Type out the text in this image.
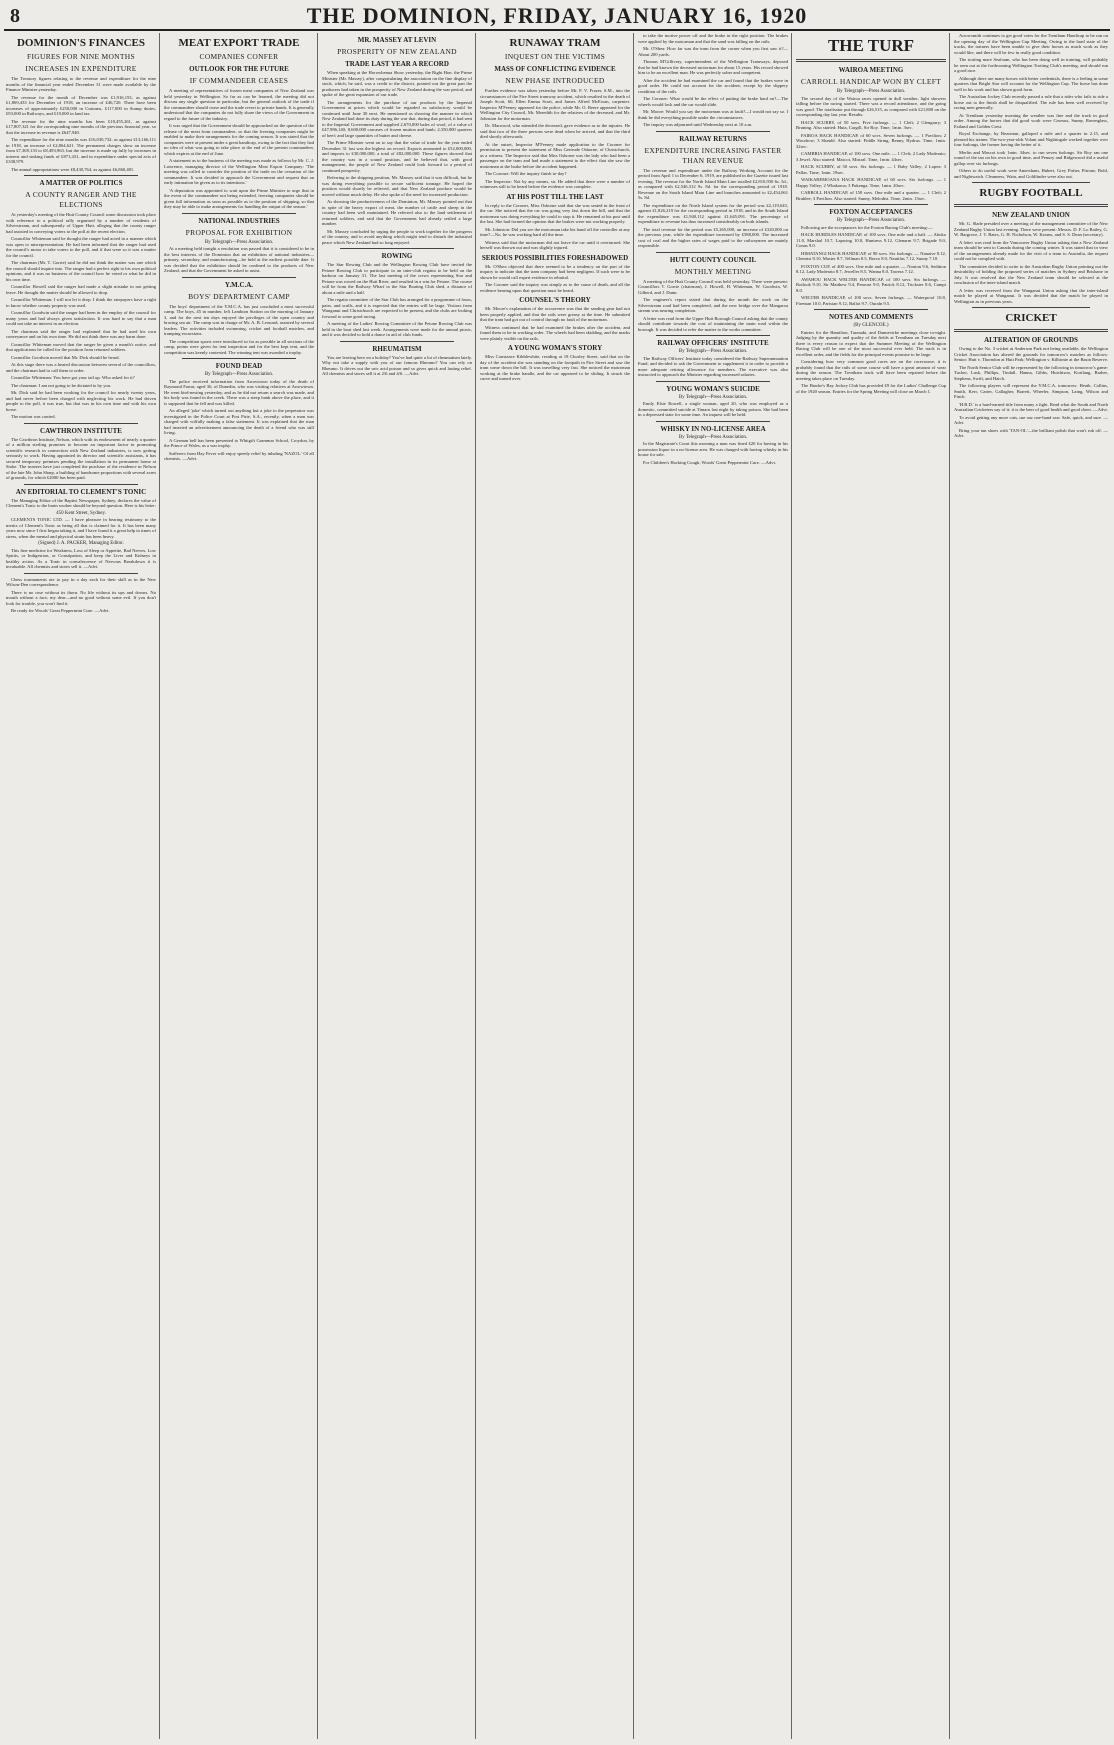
8	THE DOMINION, FRIDAY, JANUARY 16, 1920
DOMINION'S FINANCES
FIGURES FOR NINE MONTHS
INCREASES IN EXPENDITURE

The Treasury figures relating to the revenue and expenditure for the nine months of the financial year ended December 31 were made available by the Finance Minister yesterday.

The revenue for the month of December was £1,916,153, as against £1,869,433 for December of 1918, an increase of £46,720. There have been increases of approximately £250,000 in Customs, £117,000 in Stamp duties, £93,000 in Railways, and £10,000 in land tax.

The revenue for the nine months has been £18,455,261, as against £17,807,321 for the corresponding nine months of the previous financial year, so that the increase in revenue is £647,940.

The expenditure for the nine months was £16,030,732, as against £13,166,111 in 1918, an increase of £2,864,621. The permanent charges show an increase from £7,369,133 to £8,493,963, but the increase is made up fully by increases in interest and sinking funds of £871,431, and in expenditure under special acts of £338,979.

The annual appropriations were £8,430,764, as against £6,860,481.

A MATTER OF POLITICS
A COUNTY RANGER AND THE ELECTIONS

At yesterday's meeting of the Hutt County Council some discussion took place with reference to a political rally organised by a number of residents of Silverstream, and subsequently of Upper Hutt, alleging that the county ranger had assisted in conveying voters to the poll at the recent election.

Councillor Whiteman said he thought the ranger had acted in a manner which was open to misrepresentation. He had been informed that the ranger had used the council's motor to take voters to the poll, and if that were so it was a matter for the council.

The chairman (Mr. T. Gorrie) said he did not think the matter was one which the council should inquire into. The ranger had a perfect right to his own political opinions, and it was no business of the council how he voted or what he did in his own time.

Councillor Howell said the ranger had made a slight mistake in not getting leave. He thought the matter should be allowed to drop.

Councillor Whiteman: I will not let it drop. I think the ratepayers have a right to know whether county property was used.

Councillor Goodwin said the ranger had been in the employ of the council for many years and had always given satisfaction. It was hard to say that a man could not take an interest in an election.

The chairman said the ranger had explained that he had used his own conveyance and on his own time. He did not think there was any harm done.

Councillor Whiteman moved that the ranger be given a month's notice, and that applications be called for the position from returned soldiers.

Councillor Goodwin moved that Mr. Dick should be heard.

At this stage there was a heated discussion between several of the councillors, and the chairman had to call them to order.

Councillor Whiteman: You have got your tail up. Who asked for it?

The chairman: I am not going to be dictated to by you.

Mr. Dick said he had been working for the council for nearly twenty years, and had never before been charged with neglecting his work. He had driven people to the poll, it was true, but that was in his own time and with his own horse.

The motion was carried.

CAWTHRON INSTITUTE

The Cawthron Institute, Nelson, which with its endowment of nearly a quarter of a million sterling promises to become an important factor in promoting scientific research in connection with New Zealand industries, is now getting seriously to work. Having appointed its director and scientific assistants, it has secured temporary premises pending the installation in its permanent home at Stoke. The trustees have just completed the purchase of the residence in Nelson of the late Mr. John Sharp, a building of handsome proportions with several acres of grounds, for which £2000 has been paid.

AN EDITORIAL TO CLEMENT'S TONIC

The Managing Editor of the Baptist Newspaper, Sydney, declares the value of Clement's Tonic to the brain worker should be beyond question. Here is his letter:

450 Kent Street, Sydney.

CLEMENTS TONIC LTD. — I have pleasure in bearing testimony to the merits of Clement's Tonic as being all that is claimed for it. It has been many years now since I first began taking it, and I have found it a great help in times of stress, when the mental and physical strain has been heavy.

(Signed) J. A. PACKER, Managing Editor.

This fine medicine for Weakness, Loss of Sleep or Appetite, Bad Nerves, Low Spirits, or Indigestion, or Constipation, and keep the Liver and Kidneys in healthy action. As a Tonic in convalescence of Nervous Breakdown it is invaluable. All chemists and stores sell it. —Advt.

Chess tournaments are to pay in a day each for their skill as in the New Wilson-Den correspondence.

There is no rose without its thorn. No life without its ups and downs. No mouth without a face, my dear—and no good without some evil. If you don't look for trouble, you won't find it.

Be ready for Woods' Great Peppermint Cure. —Advt.

MEAT EXPORT TRADE
COMPANIES CONFER
OUTLOOK FOR THE FUTURE
IF COMMANDEER CEASES

A meeting of representatives of frozen meat companies of New Zealand was held yesterday in Wellington. So far as can be learned, the meeting did not discuss any single question in particular, but the general outlook of the trade if the commandeer should cease and the trade revert to private hands. It is generally understood that the companies do not fully share the views of the Government in regard to the future of the industry.

It was urged that the Government should be approached on the question of the release of the meat from commandeer, so that the freezing companies might be enabled to make their arrangements for the coming season. It was stated that the companies were at present under a great handicap, owing to the fact that they had no idea of what was going to take place at the end of the present commandeer, which expires at the end of June.

A statement as to the business of the meeting was made as follows by Mr. C. J. Lawrence, managing director of the Wellington Meat Export Company: 'The meeting was called to consider the position of the trade on the cessation of the commandeer. It was decided to approach the Government and request that an early intimation be given as to its intentions.'

'A deputation was appointed to wait upon the Prime Minister to urge that in the event of the commandeer not being extended, freezing companies should be given full information as soon as possible as to the position of shipping, so that they may be able to make arrangements for handling the output of the season.'

NATIONAL INDUSTRIES
PROPOSAL FOR EXHIBITION
By Telegraph—Press Association.

At a meeting held tonight a resolution was passed that it is considered to be in the best interests of the Dominion that an exhibition of national industries—primary, secondary, and manufacturing—be held at the earliest possible date. It was decided that the exhibition should be confined to the products of New Zealand, and that the Government be asked to assist.

Y.M.C.A.
BOYS' DEPARTMENT CAMP

The boys' department of the Y.M.C.A. has just concluded a most successful camp. The boys, 45 in number, left Lambton Station on the morning of January 3, and for the next ten days enjoyed the privileges of the open country and bracing sea air. The camp was in charge of Mr. A. B. Leonard, assisted by several leaders. The activities included swimming, cricket and football matches, and tramping excursions.

The competition sports were introduced so far as possible in all sections of the camp, points were given for tent inspection and for the best kept tent, and the competition was keenly contested. The winning tent was awarded a trophy.

FOUND DEAD
By Telegraph—Press Association.

The police received information from Arrowtown today of the death of Raymond Farrar, aged 36, of Dunedin, who was visiting relatives at Arrowtown. He went bird-nesting yesterday, and as he did not return a search was made, and his body was found in the creek. There was a steep bank above the place, and it is supposed that he fell and was killed.

An alleged 'joke' which turned out anything but a joke to the perpetrator was investigated in the Police Court at Port Pirie, S.A., recently, when a man was charged with wilfully making a false statement. It was explained that the man had inserted an advertisement announcing the death of a friend who was still living.

A German bell has been presented to Whitgift Grammar School, Croydon, by the Prince of Wales, as a war trophy.

Sufferers from Hay Fever will enjoy speedy relief by inhaling 'NAZOL.' Of all chemists. —Advt.

MR. MASSEY AT LEVIN
PROSPERITY OF NEW ZEALAND
TRADE LAST YEAR A RECORD

When speaking at the Horowhenua Show yesterday, the Right Hon. the Prime Minister (Mr. Massey), after congratulating the association on the fine display of stock, which, he said, was a credit to the district, pointed out the great part the producers had taken in the prosperity of New Zealand during the war period, and spoke of the great expansion of our trade.

The arrangements for the purchase of our products by the Imperial Government at prices which would be regarded as satisfactory would be continued until June 30 next. He mentioned as showing the manner in which New Zealand had done its duty during the war that, during that period, it had sent to the Imperial Government and supplied 2,670,000 bales of wool, of a value of £47,986,140; 8,600,000 carcases of frozen mutton and lamb; 2,350,000 quarters of beef; and large quantities of butter and cheese.

The Prime Minister went on to say that the value of trade for the year ended December 31 last was the highest on record. Exports amounted to £52,000,000, and imports to £30,000,000, a total of £82,000,000. These figures showed that the country was in a sound position, and he believed that, with good management, the people of New Zealand could look forward to a period of continued prosperity.

Referring to the shipping position, Mr. Massey said that it was difficult, but he was doing everything possible to secure sufficient tonnage. He hoped the position would shortly be relieved, and that New Zealand produce would be moved without much delay. He also spoke of the need for increased production.

As showing the productiveness of the Dominion, Mr. Massey pointed out that in spite of the heavy export of meat, the number of cattle and sheep in the country had been well maintained. He referred also to the land settlement of returned soldiers, and said that the Government had already settled a large number.

Mr. Massey concluded by urging the people to work together for the progress of the country, and to avoid anything which might tend to disturb the industrial peace which New Zealand had so long enjoyed.

ROWING

The Star Rowing Club and the Wellington Rowing Club have invited the Petone Rowing Club to participate in an inter-club regatta to be held on the harbour on January 31. The last meeting of the crews representing Star and Petone was rowed on the Hutt River, and resulted in a win for Petone. The course will be from the Railway Wharf to the Star Boating Club shed, a distance of about a mile and a half.

The regatta committee of the Star Club has arranged for a programme of fours, pairs, and sculls, and it is expected that the entries will be large. Visitors from Wanganui and Christchurch are expected to be present, and the clubs are looking forward to some good racing.

A meeting of the Ladies' Rowing Committee of the Petone Rowing Club was held in the boat shed last week. Arrangements were made for the annual picnic, and it was decided to hold a dance in aid of club funds.

RHEUMATISM

You are leaving here on a holiday? You've had quite a lot of rheumatism lately. Why not take a supply with you of our famous Rheumo? You can rely on Rheumo. It drives out the uric acid poison and so gives quick and lasting relief. All chemists and stores sell it at 2/6 and 4/6. —Advt.

RUNAWAY TRAM
INQUEST ON THE VICTIMS
MASS OF CONFLICTING EVIDENCE
NEW PHASE INTRODUCED

Further evidence was taken yesterday before Mr. F. V. Frazer, S.M., into the circumstances of the Fire Street tramway accident, which resulted in the death of Joseph Scott, 60, Ellen Emma Scott, and James Alfred McEwan, carpenter. Inspector M'Feeney appeared for the police, while Mr. O. Beere appeared for the Wellington City Council, Mr. Meredith for the relatives of the deceased, and Mr. Johnston for the motorman.

Dr. Marwood, who attended the deceased, gave evidence as to the injuries. He said that two of the three persons were dead when he arrived, and that the third died shortly afterwards.

At the outset, Inspector M'Feeney made application to the Coroner for permission to present the statement of Miss Gertrude Osborne, of Christchurch, as a witness. The Inspector said that Miss Osborne was the lady who had been a passenger on the tram and had made a statement to the effect that she saw the motorman at the brake before the accident happened.

The Coroner: Will the inquiry finish to-day?

The Inspector: Not by any means, sir. He added that there were a number of witnesses still to be heard before the evidence was complete.

AT HIS POST TILL THE LAST

In reply to the Coroner, Miss Osborne said that she was seated in the front of the car. She noticed that the car was going very fast down the hill, and that the motorman was doing everything he could to stop it. He remained at his post until the last. She had formed the opinion that the brakes were not working properly.

Mr. Johnston: Did you see the motorman take his hand off the controller at any time?—No, he was working hard all the time.

Witness said that the motorman did not leave the car until it overturned. She herself was thrown out and was slightly injured.

SERIOUS POSSIBILITIES FORESHADOWED

Mr. O'Shea objected that there seemed to be a tendency on the part of the inquiry to indicate that the tram company had been negligent. If such were to be shown he would call expert evidence in rebuttal.

The Coroner said the inquiry was simply as to the cause of death, and all the evidence bearing upon that question must be heard.

COUNSEL'S THEORY

Mr. Moore's explanation of the occurrence was that the sanding gear had not been properly applied, and that the rails were greasy at the time. He submitted that the tram had got out of control through no fault of the motorman.

Witness continued that he had examined the brakes after the accident, and found them to be in working order. The wheels had been skidding, and the marks were plainly visible on the rails.

A YOUNG WOMAN'S STORY

Miss Constance Kibblewhite, residing at 18 Chorley Street, said that on the day of the accident she was standing on the footpath in Fire Street and saw the tram come down the hill. It was travelling very fast. She noticed the motorman working at the brake handle, and the car appeared to be sliding. It struck the curve and turned over.

to take the motive power off and the brake in the right position. The brakes were applied by the motorman and that the sand was falling on the rails.

Mr. O'Shea: How far was the tram from the corner when you first saw it?—About 200 yards.

Thomas M'Gillivray, superintendent of the Wellington Tramways, deposed that he had known the deceased motorman for about 15 years. His record showed him to be an excellent man. He was perfectly sober and competent.

After the accident he had examined the car and found that the brakes were in good order. He could not account for the accident, except by the slippery condition of the rails.

The Coroner: What would be the effect of putting the brake hard on?—The wheels would lock and the car would slide.

Mr. Moore: Would you say the motorman was at fault?—I would not say so. I think he did everything possible under the circumstances.

The inquiry was adjourned until Wednesday next at 10 a.m.

RAILWAY RETURNS
EXPENDITURE INCREASING FASTER THAN REVENUE

The revenue and expenditure under the Railway Working Account for the period from April 1 to December 6, 1919, are published in the Gazette issued last evening. The revenue for the North Island Main Line totalled £2,810,930 6s. 5d., as compared with £2,546,312 9s. 8d. for the corresponding period of 1918. Revenue on the South Island Main Line and branches amounted to £2,454,061 5s. 8d.

The expenditure on the North Island system for the period was £2,119,643, against £1,826,219 for the corresponding period in 1918, and in the South Island the expenditure was £1,940,112 against £1,645,091. The percentage of expenditure to revenue has thus increased considerably on both islands.

The total revenue for the period was £5,265,000, an increase of £320,000 on the previous year, while the expenditure increased by £588,000. The increased cost of coal and the higher rates of wages paid to the railwaymen are mainly responsible.

HUTT COUNTY COUNCIL
MONTHLY MEETING

A meeting of the Hutt County Council was held yesterday. There were present: Councillors T. Gorrie (chairman), J. Howell, H. Whiteman, W. Goodwin, W. Gilberd, and J. Dunn.

The engineer's report stated that during the month the work on the Silverstream road had been completed, and the new bridge over the Mangaroa stream was nearing completion.

A letter was read from the Upper Hutt Borough Council asking that the county should contribute towards the cost of maintaining the main road within the borough. It was decided to refer the matter to the works committee.

RAILWAY OFFICERS' INSTITUTE
By Telegraph—Press Association.

The Railway Officers' Institute today considered the Railway Superannuation Fund, and decided to ask the Government to supplement it in order to provide a more adequate retiring allowance for members. The executive was also instructed to approach the Minister regarding increased salaries.

YOUNG WOMAN'S SUICIDE
By Telegraph—Press Association.

Emily Elsie Rowell, a single woman, aged 20, who was employed as a domestic, committed suicide at Timaru last night by taking poison. She had been in a depressed state for some time. An inquest will be held.

WHISKY IN NO-LICENSE AREA
By Telegraph—Press Association.

In the Magistrate's Court this morning a man was fined £20 for having in his possession liquor in a no-license area. He was charged with having whisky in his house for sale.

For Children's Hacking Cough, Woods' Great Peppermint Cure. —Advt.

THE TURF
WAIROA MEETING
CARROLL HANDICAP WON BY CLEFT
By Telegraph—Press Association.

The second day of the Wairoa races opened in dull weather, light showers falling before the racing started. There was a record attendance, and the going was good. The totalisator put through £26,515, as compared with £21,800 on the corresponding day last year. Results:

HACK SCURRY, of 50 sovs. Five furlongs. — 1 Cleft; 2 Glengarry; 3 Bruning. Also started: Huia, Cargill, Sir Roy. Time, 1min. 3sec.

FAIROA HACK HANDICAP, of 60 sovs. Seven furlongs. — 1 Pavilion; 2 Woodrow; 3 Slumhl. Also started: Fiddle String, Benny, Hydrus. Time, 1min. 32sec.

CAMBRIA HANDICAP, of 100 sovs. One mile. — 1 Cleft; 2 Lady Moderato; 3 Jewel. Also started: Mascot, Mistral. Time, 1min. 44sec.

HACK SCURRY, of 50 sovs. Six furlongs. — 1 Baby Valley; 2 Lopez; 3 Pallas. Time, 1min. 19sec.

WAIKAREMOANA HACK HANDICAP, of 60 sovs. Six furlongs. — 1 Happy Valley; 2 Whakaroa; 3 Pukenga. Time, 1min. 20sec.

CARROLL HANDICAP, of 150 sovs. One mile and a quarter. — 1 Cleft; 2 Bruhlee; 3 Pavilion. Also started: Sunny, Melodist. Time, 2min. 13sec.

FOXTON ACCEPTANCES
By Telegraph—Press Association.

Following are the acceptances for the Foxton Racing Club's meeting:—

HACK HURDLES HANDICAP, of 100 sovs. One mile and a half. — Aboko 11.0, Marshal 10.7, Lapwing 10.0, Huntress 9.12, Glenarm 9.7, Brigade 9.0, Conus 9.0.

HIMATANGI HACK HANDICAP, of 90 sovs. Six furlongs. — Nanaive 8.12, Chemist 8.10, Master 8.7, Tellman 8.5, Bravo 8.0, Nautilus 7.12, Sunny 7.10.

FOXTON CUP, of 400 sovs. One mile and a quarter. — Nouton 9.6, Sedition 8.12, Lady Moderato 8.7, Jeweller 8.5, Wanna 8.0, Tawera 7.12.

AWAHOU HACK WELTER HANDICAP, of 100 sovs. Six furlongs. — Rotlook 9.10, Sir Matthew 9.4, Penrose 9.0, Patrick 8.12, Trickster 8.6, Campi 8.0.

WELTER HANDICAP, of 100 sovs. Seven furlongs. — Waterproof 10.8, Fireman 10.0, Parisian 9.12, Ballot 9.7, Ouraln 9.5.

NOTES AND COMMENTS
(By GLENCOE.)

Entries for the Hamilton, Taranaki, and Dannevirke meetings close to-night. Judging by the quantity and quality of the fields at Trentham on Tuesday next there is every reason to expect that the Summer Meeting of the Wellington Racing Club will be one of the most successful ever held. The track is in excellent order, and the fields for the principal events promise to be large.

Considering how very common good races are on the racecourse, it is probably found that the rails of some course will have a great amount of wear during the season. The Trentham track will have been repaired before the meeting takes place on Tuesday.

The Hawke's Bay Jockey Club has provided £9 for the Ladies' Challenge Cup of the 1920 season. Entries for the Spring Meeting will close on March 1.

Arrowsmith continues to get good votes for the Trentham Handicap to be run on the opening day of the Wellington Cup Meeting. Owing to the hard state of the tracks, the trainers have been unable to give their horses as much work as they would like, and there will be few in really good condition.

The trotting mare Seafoam, who has been doing well in training, will probably be seen out at the forthcoming Wellington Trotting Club's meeting, and should run a good race.

Although there are many horses with better credentials, there is a feeling in some quarters that Bright Star will account for the Wellington Cup. The horse has done well in his work and has shown good form.

The Australian Jockey Club recently passed a rule that a rider who fails to ride a horse out to the finish shall be disqualified. The rule has been well received by racing men generally.

At Trentham yesterday morning the weather was fine and the track in good order. Among the horses that did good work were Croesus, Sunny, Ravenglass, Estland and Golden Crest.

Royal Exchange, by Bezonian, galloped a mile and a quarter in 2.15, and pleased his trainer. The two-year-olds Volant and Nightingale worked together over four furlongs, the former having the better of it.

Merlin and Mascot took 1min. 34sec. to run seven furlongs. Sir Roy ran one round of the tan on his own in good time, and Penury and Ridgewood did a useful gallop over six furlongs.

Others to do useful work were Amersham, Hubert, Grey Fisher, Pitrone, Bold, and Nightwatch. Cleanness, Wain, and Goldfinder were also out.

RUGBY FOOTBALL
NEW ZEALAND UNION

Mr. G. Slade presided over a meeting of the management committee of the New Zealand Rugby Union last evening. There were present: Messrs. D. F. Lo Bailey, G. W. Bargrove, J. T. Bates, G. H. Nicholson, W. Kearns, and S. S. Dean (secretary).

A letter was read from the Vancouver Rugby Union asking that a New Zealand team should be sent to Canada during the coming winter. It was stated that in view of the arrangements already made for the visit of a team to Australia, the request could not be complied with.

The committee decided to write to the Australian Rugby Union pointing out the desirability of holding the proposed series of matches in Sydney and Brisbane in July. It was resolved that the New Zealand team should be selected at the conclusion of the inter-island match.

A letter was received from the Wanganui Union asking that the inter-island match be played at Wanganui. It was decided that the match be played in Wellington as in previous years.

CRICKET
ALTERATION OF GROUNDS

Owing to the No. 3 wicket at Anderson Park not being available, the Wellington Cricket Association has altered the grounds for tomorrow's matches as follows: Senior: Hutt v. Thorndon at Hutt Park; Wellington v. Kilbirnie at the Basin Reserve.

The North Senior Club will be represented by the following in tomorrow's game: Tucker, Lusk, Phillips, Tindall, Hanna, Gibbs, Hutchison, Kortlang, Barber, Stephens, Swift, and Hatch.

The following players will represent the Y.M.C.A. tomorrow: Heath, Collins, Smith, Kerr, Carter, Gallagher, Barrett, Wheeler, Simpson, Laing, Wilson and Finch.

'H.B.D.' is a hard-earned title from many a fight. Read what the South and North Australian Cricketers say of it: it is the beer of good health and good cheer. —Advt.

To avoid getting any more cuts, use our one-hand saw. Safe, quick, and sure. —Advt.

Bring your tan shoes with 'TAN-OL'—the brilliant polish that won't rub off. —Advt.
